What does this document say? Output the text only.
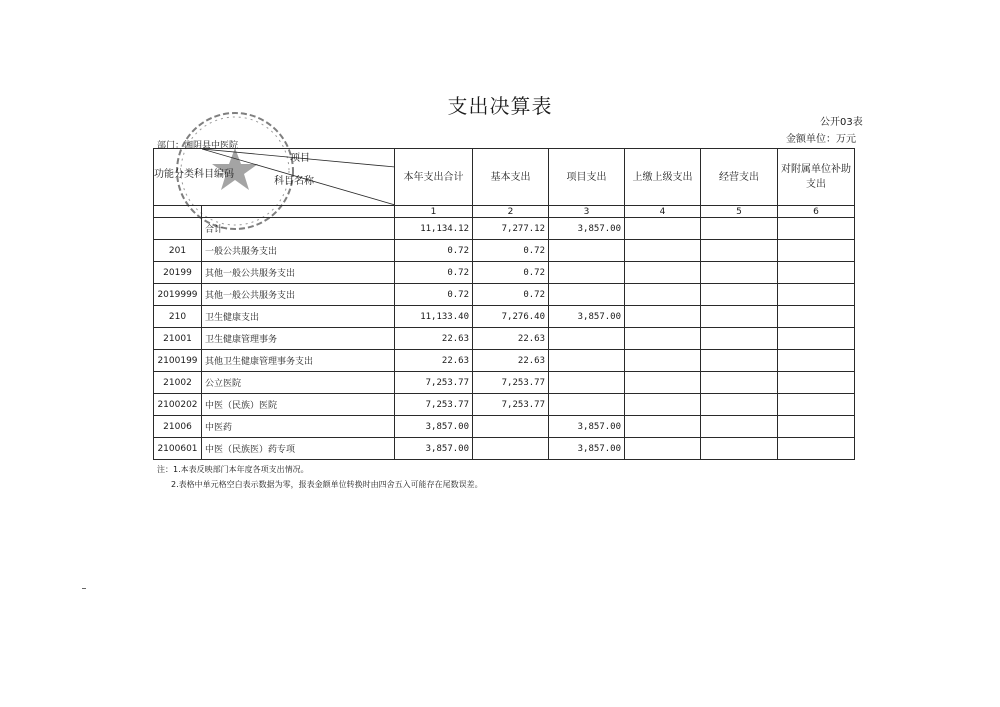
支出决算表
公开03表
金额单位：万元
部门：湘阴县中医院
功能分类科目编码
项目
科目名称		本年支出合计	基本支出	项目支出	上缴上级支出	经营支出	对附属单位补助支出
		1	2	3	4	5	6
	合计	11,134.12	7,277.12	3,857.00			
201	一般公共服务支出	0.72	0.72				
20199	其他一般公共服务支出	0.72	0.72				
2019999	其他一般公共服务支出	0.72	0.72				
210	卫生健康支出	11,133.40	7,276.40	3,857.00			
21001	卫生健康管理事务	22.63	22.63				
2100199	其他卫生健康管理事务支出	22.63	22.63				
21002	公立医院	7,253.77	7,253.77				
2100202	中医（民族）医院	7,253.77	7,253.77				
21006	中医药	3,857.00		3,857.00			
2100601	中医（民族医）药专项	3,857.00		3,857.00			
注：1.本表反映部门本年度各项支出情况。
2.表格中单元格空白表示数据为零，报表金额单位转换时由四舍五入可能存在尾数误差。
